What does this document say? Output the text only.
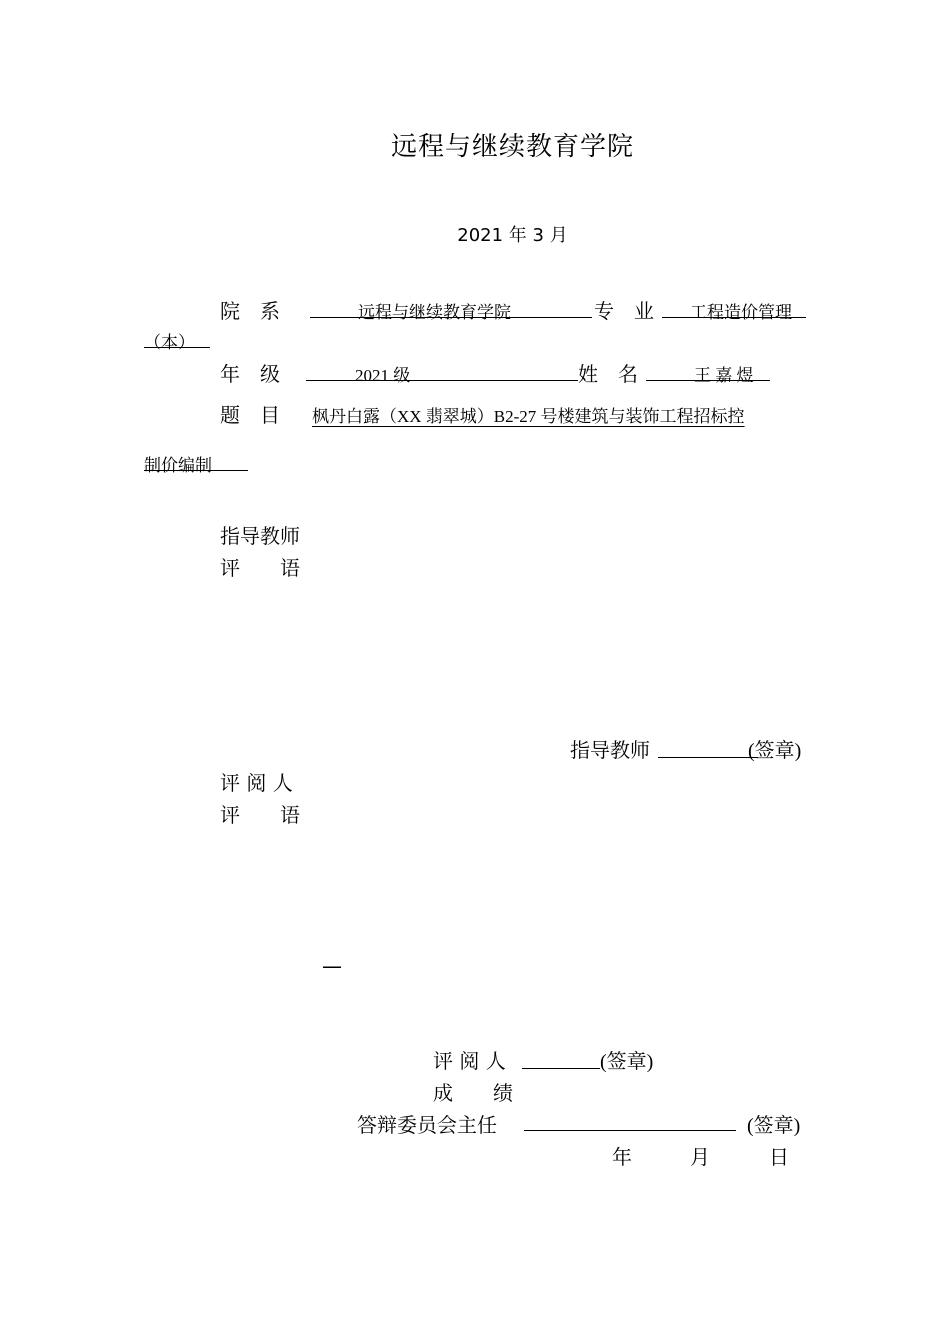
远程与继续教育学院
2021 年 3 月
院　系	远程与继续教育学院	专　业 工程造价管理
（本）
年　级	2021 级	姓　名	王 嘉 煜
题　目 枫丹白露（XX 翡翠城）B2-27 号楼建筑与装饰工程招标控
制价编制
指导教师
评　　语
指导教师	(签章)
评 阅 人
评　　语
—
评 阅 人	(签章)
成　　绩
答辩委员会主任	(签章)
年	月	日
